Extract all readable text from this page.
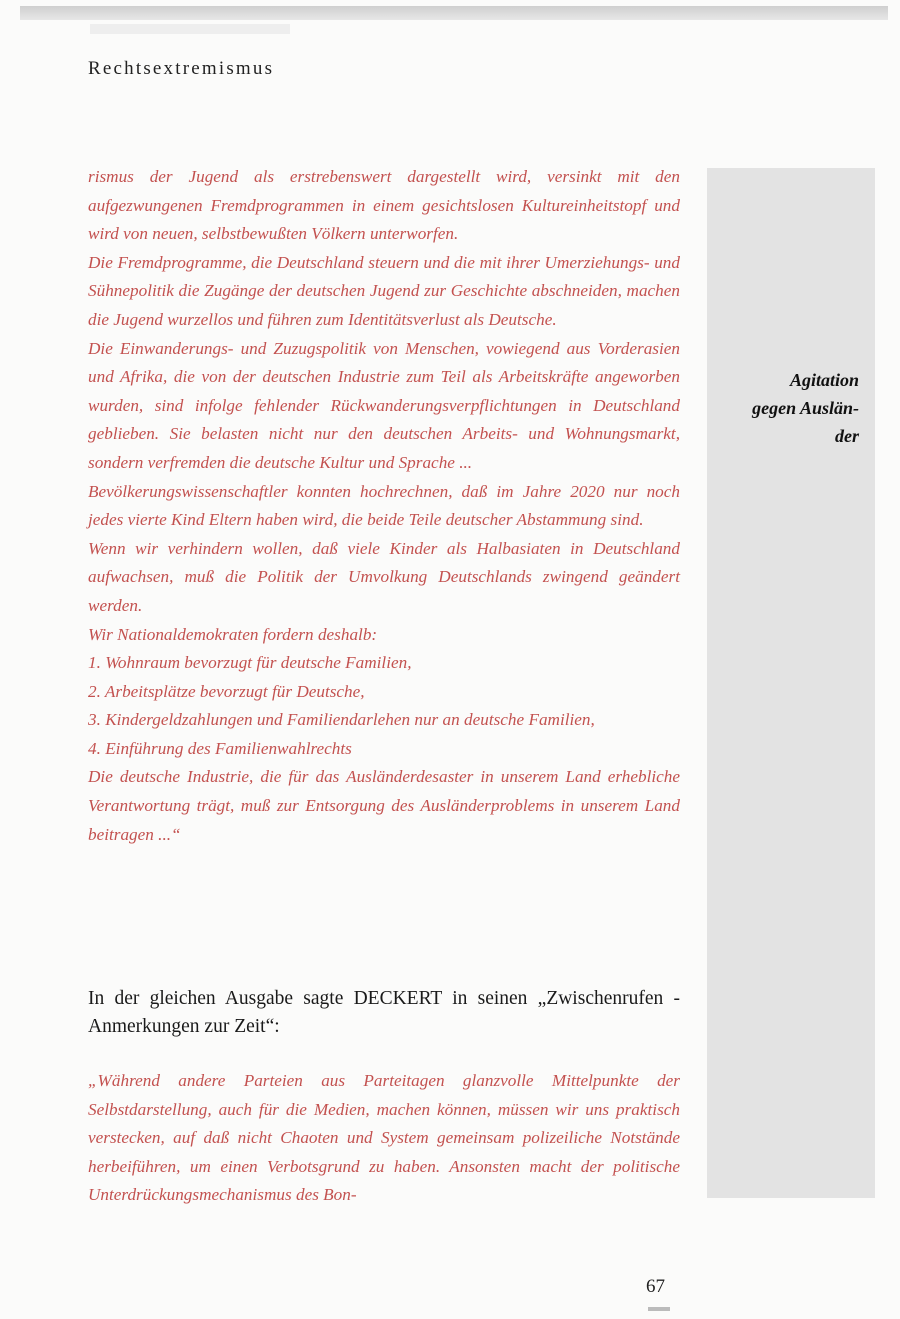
Rechtsextremismus
Agitation
gegen Auslän-
der

rismus der Jugend als erstrebenswert dargestellt wird, versinkt mit den aufgezwungenen Fremdprogrammen in einem gesichtslosen Kultureinheitstopf und wird von neuen, selbstbewußten Völkern unterworfen.

Die Fremdprogramme, die Deutschland steuern und die mit ihrer Umerziehungs- und Sühnepolitik die Zugänge der deutschen Jugend zur Geschichte abschneiden, machen die Jugend wurzellos und führen zum Identitätsverlust als Deutsche.

Die Einwanderungs- und Zuzugspolitik von Menschen, vowiegend aus Vorderasien und Afrika, die von der deutschen Industrie zum Teil als Arbeitskräfte angeworben wurden, sind infolge fehlender Rückwanderungsverpflichtungen in Deutschland geblieben. Sie belasten nicht nur den deutschen Arbeits- und Wohnungsmarkt, sondern verfremden die deutsche Kultur und Sprache ...

Bevölkerungswissenschaftler konnten hochrechnen, daß im Jahre 2020 nur noch jedes vierte Kind Eltern haben wird, die beide Teile deutscher Abstammung sind.

Wenn wir verhindern wollen, daß viele Kinder als Halbasiaten in Deutschland aufwachsen, muß die Politik der Umvolkung Deutschlands zwingend geändert werden.

Wir Nationaldemokraten fordern deshalb:

1. Wohnraum bevorzugt für deutsche Familien,

2. Arbeitsplätze bevorzugt für Deutsche,

3. Kindergeldzahlungen und Familiendarlehen nur an deutsche Familien,

4. Einführung des Familienwahlrechts

Die deutsche Industrie, die für das Ausländerdesaster in unserem Land erhebliche Verantwortung trägt, muß zur Entsorgung des Ausländerproblems in unserem Land beitragen ...“

In der gleichen Ausgabe sagte DECKERT in seinen „Zwischenrufen - Anmerkungen zur Zeit“:

„Während andere Parteien aus Parteitagen glanzvolle Mittelpunkte der Selbstdarstellung, auch für die Medien, machen können, müssen wir uns praktisch verstecken, auf daß nicht Chaoten und System gemeinsam polizeiliche Notstände herbeiführen, um einen Verbotsgrund zu haben. Ansonsten macht der politische Unterdrückungsmechanismus des Bon-

67
